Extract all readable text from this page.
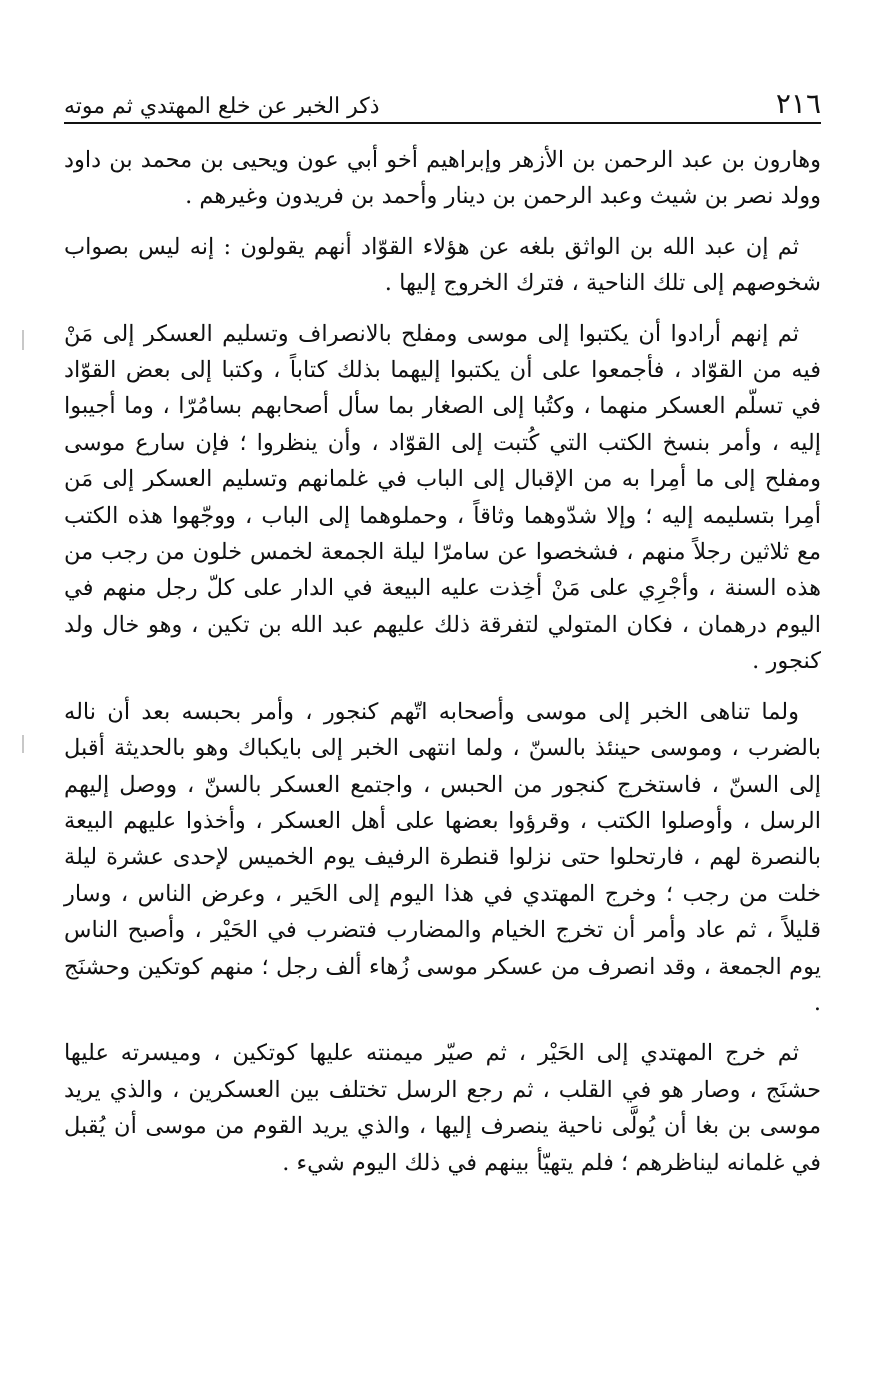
٢١٦
ذكر الخبر عن خلع المهتدي ثم موته

وهارون بن عبد الرحمن بن الأزهر وإبراهيم أخو أبي عون ويحيى بن محمد بن داود وولد نصر بن شيث وعبد الرحمن بن دينار وأحمد بن فريدون وغيرهم .

ثم إن عبد الله بن الواثق بلغه عن هؤلاء القوّاد أنهم يقولون : إنه ليس بصواب شخوصهم إلى تلك الناحية ، فترك الخروج إليها .

ثم إنهم أرادوا أن يكتبوا إلى موسى ومفلح بالانصراف وتسليم العسكر إلى مَنْ فيه من القوّاد ، فأجمعوا على أن يكتبوا إليهما بذلك كتاباً ، وكتبا إلى بعض القوّاد في تسلّم العسكر منهما ، وكتُبا إلى الصغار بما سأل أصحابهم بسامُرّا ، وما أجيبوا إليه ، وأمر بنسخ الكتب التي كُتبت إلى القوّاد ، وأن ينظروا ؛ فإن سارع موسى ومفلح إلى ما أمِرا به من الإقبال إلى الباب في غلمانهم وتسليم العسكر إلى مَن أمِرا بتسليمه إليه ؛ وإلا شدّوهما وثاقاً ، وحملوهما إلى الباب ، ووجّهوا هذه الكتب مع ثلاثين رجلاً منهم ، فشخصوا عن سامرّا ليلة الجمعة لخمس خلون من رجب من هذه السنة ، وأجْرِي على مَنْ أخِذت عليه البيعة في الدار على كلّ رجل منهم في اليوم درهمان ، فكان المتولي لتفرقة ذلك عليهم عبد الله بن تكين ، وهو خال ولد كنجور .

ولما تناهى الخبر إلى موسى وأصحابه اتّهم كنجور ، وأمر بحبسه بعد أن ناله بالضرب ، وموسى حينئذ بالسنّ ، ولما انتهى الخبر إلى بايكباك وهو بالحديثة أقبل إلى السنّ ، فاستخرج كنجور من الحبس ، واجتمع العسكر بالسنّ ، ووصل إليهم الرسل ، وأوصلوا الكتب ، وقرؤوا بعضها على أهل العسكر ، وأخذوا عليهم البيعة بالنصرة لهم ، فارتحلوا حتى نزلوا قنطرة الرفيف يوم الخميس لإحدى عشرة ليلة خلت من رجب ؛ وخرج المهتدي في هذا اليوم إلى الحَير ، وعرض الناس ، وسار قليلاً ، ثم عاد وأمر أن تخرج الخيام والمضارب فتضرب في الحَيْر ، وأصبح الناس يوم الجمعة ، وقد انصرف من عسكر موسى زُهاء ألف رجل ؛ منهم كوتكين وحشنَج .

ثم خرج المهتدي إلى الحَيْر ، ثم صيّر ميمنته عليها كوتكين ، وميسرته عليها حشنَج ، وصار هو في القلب ، ثم رجع الرسل تختلف بين العسكرين ، والذي يريد موسى بن بغا أن يُولَّى ناحية ينصرف إليها ، والذي يريد القوم من موسى أن يُقبل في غلمانه ليناظرهم ؛ فلم يتهيّأ بينهم في ذلك اليوم شيء .
